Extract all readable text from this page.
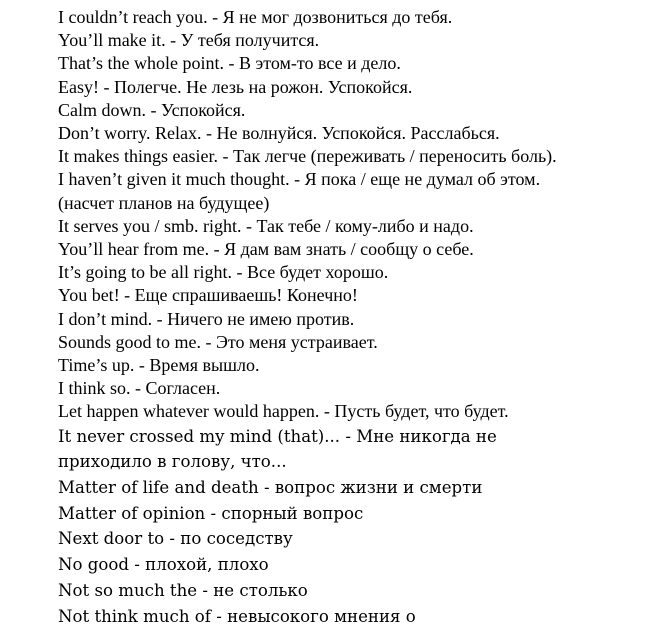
I couldn’t reach you. - Я не мог дозвониться до тебя.

You’ll make it. - У тебя получится.

That’s the whole point. - В этом-то все и дело.

Easy! - Полегче. Не лезь на рожон. Успокойся.

Calm down. - Успокойся.

Don’t worry. Relax. - Не волнуйся. Успокойся. Расслабься.

It makes things easier. - Так легче (переживать / переносить боль).

I haven’t given it much thought. - Я пока / еще не думал об этом.

(насчет планов на будущее)

It serves you / smb. right. - Так тебе / кому-либо и надо.

You’ll hear from me. - Я дам вам знать / сообщу о себе.

It’s going to be all right. - Все будет хорошо.

You bet! - Еще спрашиваешь! Конечно!

I don’t mind. - Ничего не имею против.

Sounds good to me. - Это меня устраивает.

Time’s up. - Время вышло.

I think so. - Согласен.

Let happen whatever would happen. - Пусть будет, что будет.

It never crossed my mind (that)... - Мне никогда не

приходило в голову, что...

Matter of life and death - вопрос жизни и смерти

Matter of opinion - спорный вопрос

Next door to - по соседству

No good - плохой, плохо

Not so much the - не столько

Not think much of - невысокого мнения о
